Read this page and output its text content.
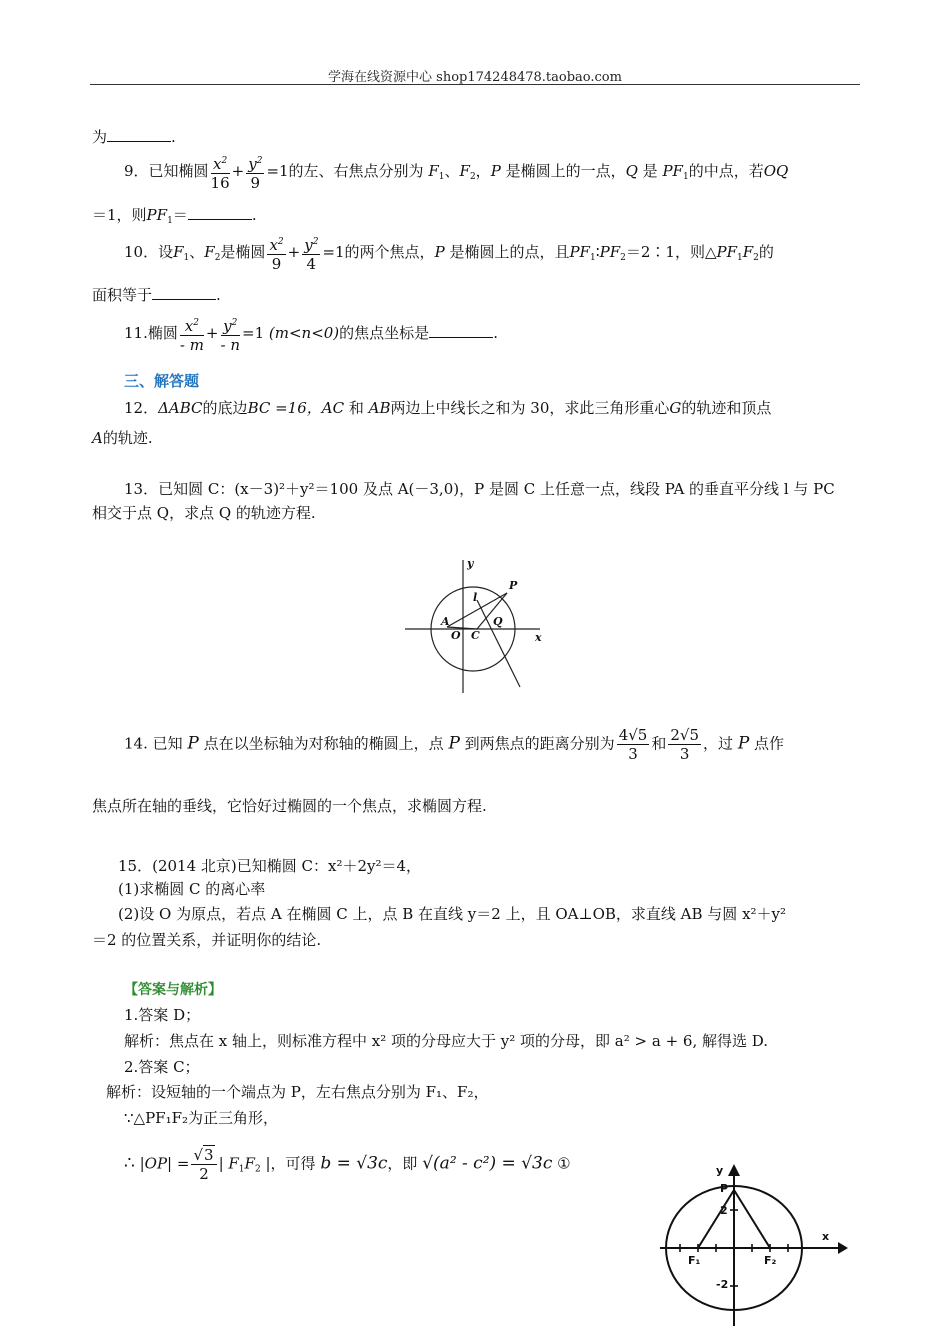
学海在线资源中心 shop174248478.taobao.com
为	.
9．已知椭圆 $\frac{x^2}{16} + \frac{y^2}{9} =1$的左、右焦点分别为 $F_1$、$F_2$，P 是椭圆上的一点，Q 是 $PF_1$的中点，若OQ
＝1，则$PF_1=$	.
10．设$F_1$、$F_2$是椭圆 $\frac{x^2}{9} + \frac{y^2}{4} =1$的两个焦点，P 是椭圆上的点，且$PF_1∶PF_2=2∶1$，则$\triangle PF_1F_2$的
面积等于	.
11.椭圆 $\frac{x^2}{- m} + \frac{y^2}{- n} =1$ (m<n<0)的焦点坐标是	.
三、解答题
12．ΔABC的底边BC =16，AC 和 AB两边上中线长之和为 30，求此三角形重心G的轨迹和顶点
A的轨迹.
13．已知圆 C：(x－3)²＋y²＝100 及点 A(－3,0)，P 是圆 C 上任意一点，线段 PA 的垂直平分线 l 与 PC
相交于点 Q，求点 Q 的轨迹方程.
y
x
P
l
A
O C
Q
14. 已知 P 点在以坐标轴为对称轴的椭圆上，点 P 到两焦点的距离分别为 $\frac{4√5}{3}$ 和 $\frac{2√5}{3}$ ，过 P 点作
焦点所在轴的垂线，它恰好过椭圆的一个焦点，求椭圆方程.
15．(2014 北京)已知椭圆 C：x²＋2y²＝4，
(1)求椭圆 C 的离心率
(2)设 O 为原点，若点 A 在椭圆 C 上，点 B 在直线 y＝2 上，且 OA⊥OB，求直线 AB 与圆 x²＋y²
＝2 的位置关系，并证明你的结论.
【答案与解析】
1.答案 D；
解析：焦点在 x 轴上，则标准方程中 x² 项的分母应大于 y² 项的分母，即 a² > a + 6, 解得选 D.
2.答案 C；
解析：设短轴的一个端点为 P，左右焦点分别为 F₁、F₂，
∵△PF₁F₂为正三角形，
∴ $|OP| = \frac{√3}{2}$ | $F_1F_2$ |，可得 b = √3c，即 √(a² - c²) = √3c ①	y
x
P
F₁	F₂
2
-2
